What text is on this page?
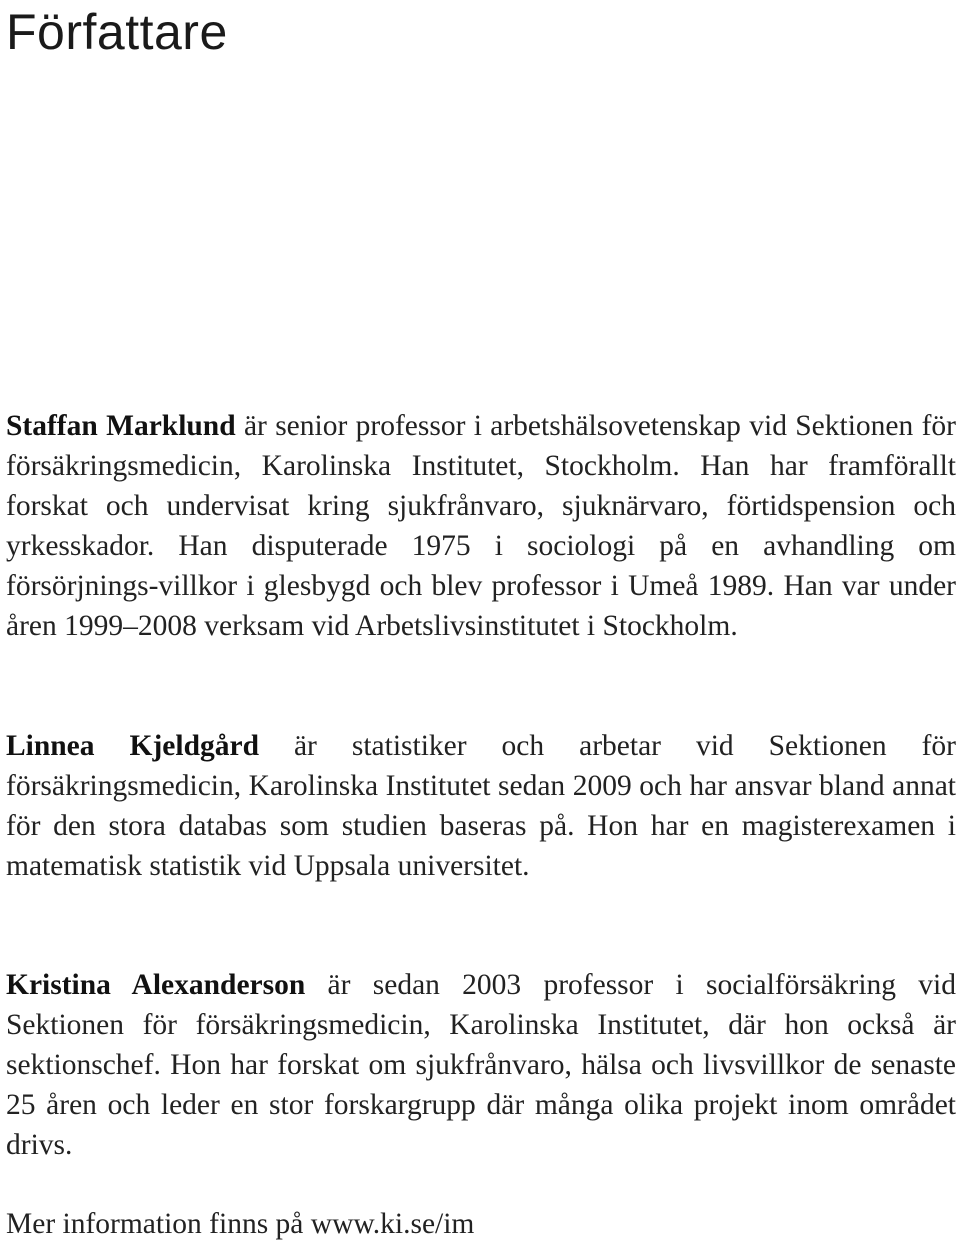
Författare

Staffan Marklund är senior professor i arbetshälsovetenskap vid Sektionen för försäkringsmedicin, Karolinska Institutet, Stockholm. Han har framförallt forskat och undervisat kring sjukfrånvaro, sjuknärvaro, förtidspension och yrkesskador. Han disputerade 1975 i sociologi på en avhandling om försörjnings-villkor i glesbygd och blev professor i Umeå 1989. Han var under åren 1999–2008 verksam vid Arbetslivsinstitutet i Stockholm.

Linnea Kjeldgård är statistiker och arbetar vid Sektionen för försäkringsmedicin, Karolinska Institutet sedan 2009 och har ansvar bland annat för den stora databas som studien baseras på. Hon har en magisterexamen i matematisk statistik vid Uppsala universitet.

Kristina Alexanderson är sedan 2003 professor i socialförsäkring vid Sektionen för försäkringsmedicin, Karolinska Institutet, där hon också är sektionschef. Hon har forskat om sjukfrånvaro, hälsa och livsvillkor de senaste 25 åren och leder en stor forskargrupp där många olika projekt inom området drivs.

Mer information finns på www.ki.se/im
